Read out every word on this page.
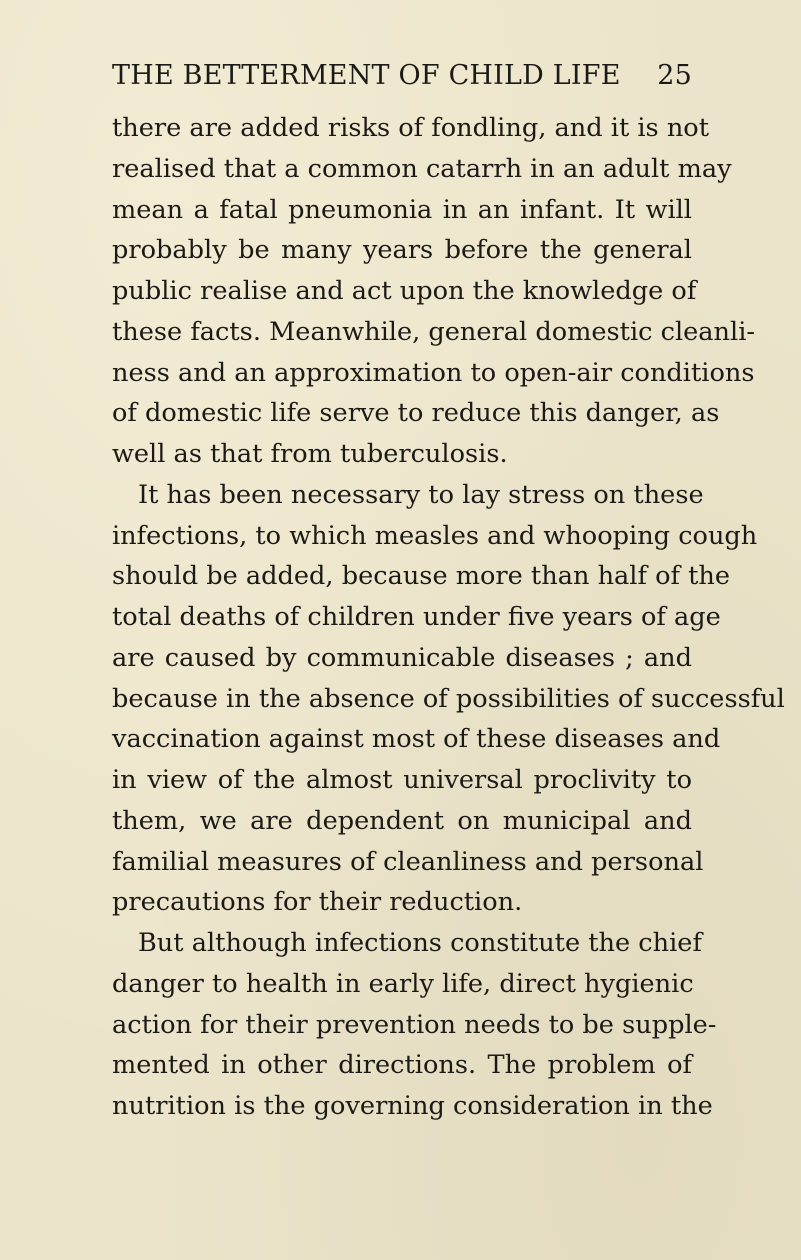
THE BETTERMENT OF CHILD LIFE 25
there are added risks of fondling, and it is not
realised that a common catarrh in an adult may
mean a fatal pneumonia in an infant. It will
probably be many years before the general
public realise and act upon the knowledge of
these facts. Meanwhile, general domestic cleanli-
ness and an approximation to open-air conditions
of domestic life serve to reduce this danger, as
well as that from tuberculosis.
It has been necessary to lay stress on these
infections, to which measles and whooping cough
should be added, because more than half of the
total deaths of children under five years of age
are caused by communicable diseases ; and
because in the absence of possibilities of successful
vaccination against most of these diseases and
in view of the almost universal proclivity to
them, we are dependent on municipal and
familial measures of cleanliness and personal
precautions for their reduction.
But although infections constitute the chief
danger to health in early life, direct hygienic
action for their prevention needs to be supple-
mented in other directions. The problem of
nutrition is the governing consideration in the
